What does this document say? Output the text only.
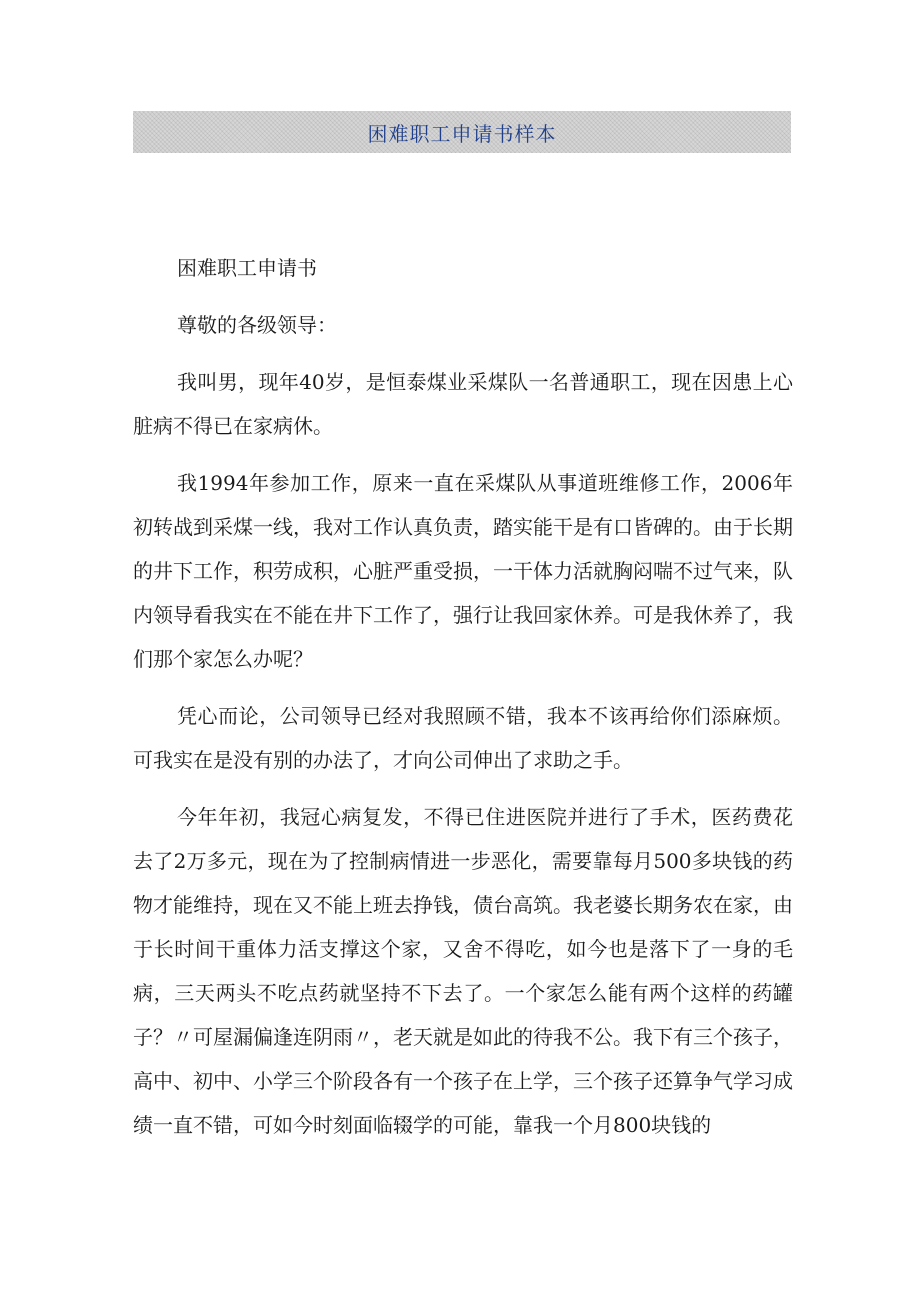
困难职工申请书样本

困难职工申请书

尊敬的各级领导：

我叫男，现年40岁，是恒泰煤业采煤队一名普通职工，现在因患上心脏病不得已在家病休。

我1994年参加工作，原来一直在采煤队从事道班维修工作，2006年初转战到采煤一线，我对工作认真负责，踏实能干是有口皆碑的。由于长期的井下工作，积劳成积，心脏严重受损，一干体力活就胸闷喘不过气来，队内领导看我实在不能在井下工作了，强行让我回家休养。可是我休养了，我们那个家怎么办呢？

凭心而论，公司领导已经对我照顾不错，我本不该再给你们添麻烦。可我实在是没有别的办法了，才向公司伸出了求助之手。

今年年初，我冠心病复发，不得已住进医院并进行了手术，医药费花去了2万多元，现在为了控制病情进一步恶化，需要靠每月500多块钱的药物才能维持，现在又不能上班去挣钱，债台高筑。我老婆长期务农在家，由于长时间干重体力活支撑这个家，又舍不得吃，如今也是落下了一身的毛病，三天两头不吃点药就坚持不下去了。一个家怎么能有两个这样的药罐子？〃可屋漏偏逢连阴雨〃，老天就是如此的待我不公。我下有三个孩子，高中、初中、小学三个阶段各有一个孩子在上学，三个孩子还算争气学习成绩一直不错，可如今时刻面临辍学的可能，靠我一个月800块钱的
